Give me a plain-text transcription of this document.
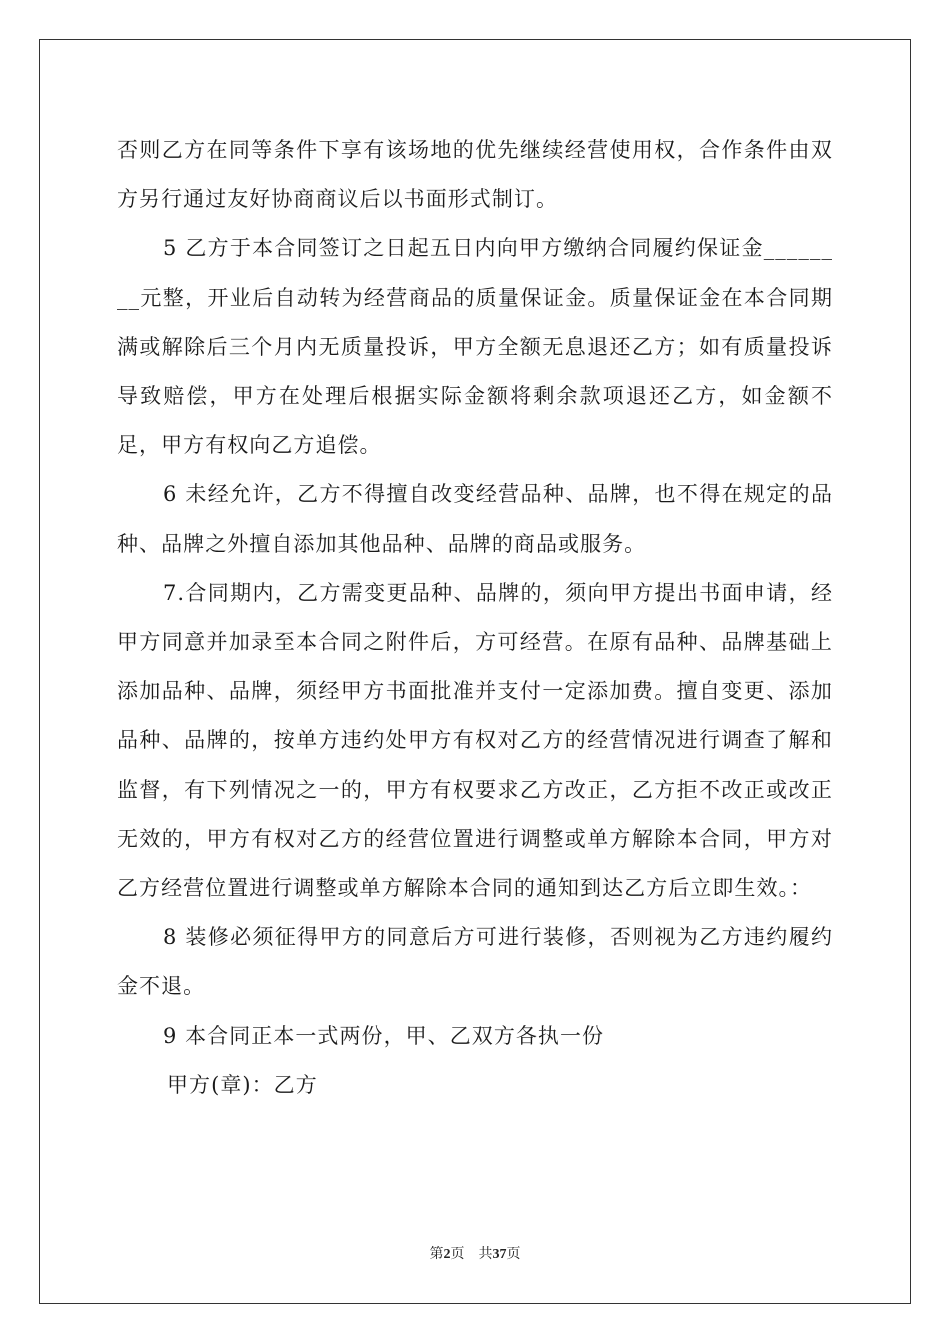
否则乙方在同等条件下享有该场地的优先继续经营使用权，合作条件由双方另行通过友好协商商议后以书面形式制订。

5 乙方于本合同签订之日起五日内向甲方缴纳合同履约保证金________元整，开业后自动转为经营商品的质量保证金。质量保证金在本合同期满或解除后三个月内无质量投诉，甲方全额无息退还乙方；如有质量投诉导致赔偿，甲方在处理后根据实际金额将剩余款项退还乙方，如金额不足，甲方有权向乙方追偿。

6 未经允许，乙方不得擅自改变经营品种、品牌，也不得在规定的品种、品牌之外擅自添加其他品种、品牌的商品或服务。

7.合同期内，乙方需变更品种、品牌的，须向甲方提出书面申请，经甲方同意并加录至本合同之附件后，方可经营。在原有品种、品牌基础上添加品种、品牌，须经甲方书面批准并支付一定添加费。擅自变更、添加品种、品牌的，按单方违约处甲方有权对乙方的经营情况进行调查了解和监督，有下列情况之一的，甲方有权要求乙方改正，乙方拒不改正或改正无效的，甲方有权对乙方的经营位置进行调整或单方解除本合同，甲方对乙方经营位置进行调整或单方解除本合同的通知到达乙方后立即生效。：

8 装修必须征得甲方的同意后方可进行装修，否则视为乙方违约履约金不退。

9 本合同正本一式两份，甲、乙双方各执一份

甲方(章)：乙方

第2页 共37页
